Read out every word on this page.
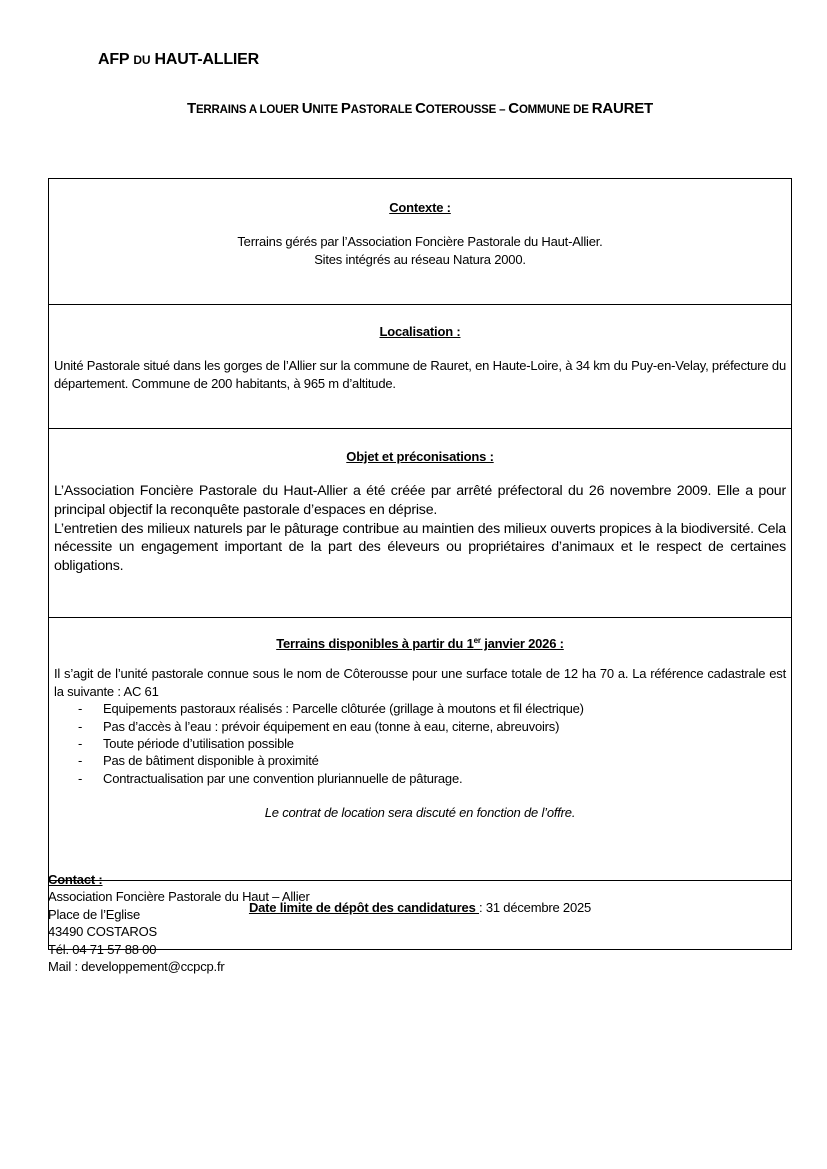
AFP DU HAUT-ALLIER
TERRAINS A LOUER UNITE PASTORALE COTEROUSSE – COMMUNE DE RAURET

Contexte :

Terrains gérés par l’Association Foncière Pastorale du Haut-Allier.

Sites intégrés au réseau Natura 2000.

Localisation :

Unité Pastorale situé dans les gorges de l’Allier sur la commune de Rauret, en Haute-Loire, à 34 km du Puy-en-Velay, préfecture du département. Commune de 200 habitants, à 965 m d’altitude.

Objet et préconisations :

L’Association Foncière Pastorale du Haut-Allier a été créée par arrêté préfectoral du 26 novembre 2009. Elle a pour principal objectif la reconquête pastorale d’espaces en déprise.

L’entretien des milieux naturels par le pâturage contribue au maintien des milieux ouverts propices à la biodiversité. Cela nécessite un engagement important de la part des éleveurs ou propriétaires d’animaux et le respect de certaines obligations.

Terrains disponibles à partir du 1er janvier 2026 :

Il s’agit de l’unité pastorale connue sous le nom de Côterousse pour une surface totale de 12 ha 70 a. La référence cadastrale est la suivante : AC 61

- Equipements pastoraux réalisés : Parcelle clôturée (grillage à moutons et fil électrique)
- Pas d’accès à l’eau : prévoir équipement en eau (tonne à eau, citerne, abreuvoirs)
- Toute période d’utilisation possible
- Pas de bâtiment disponible à proximité
- Contractualisation par une convention pluriannuelle de pâturage.

Le contrat de location sera discuté en fonction de l’offre.

Date limite de dépôt des candidatures : 31 décembre 2025

Contact :
Association Foncière Pastorale du Haut – Allier
Place de l’Eglise
43490 COSTAROS
Tél. 04 71 57 88 00
Mail : developpement@ccpcp.fr
